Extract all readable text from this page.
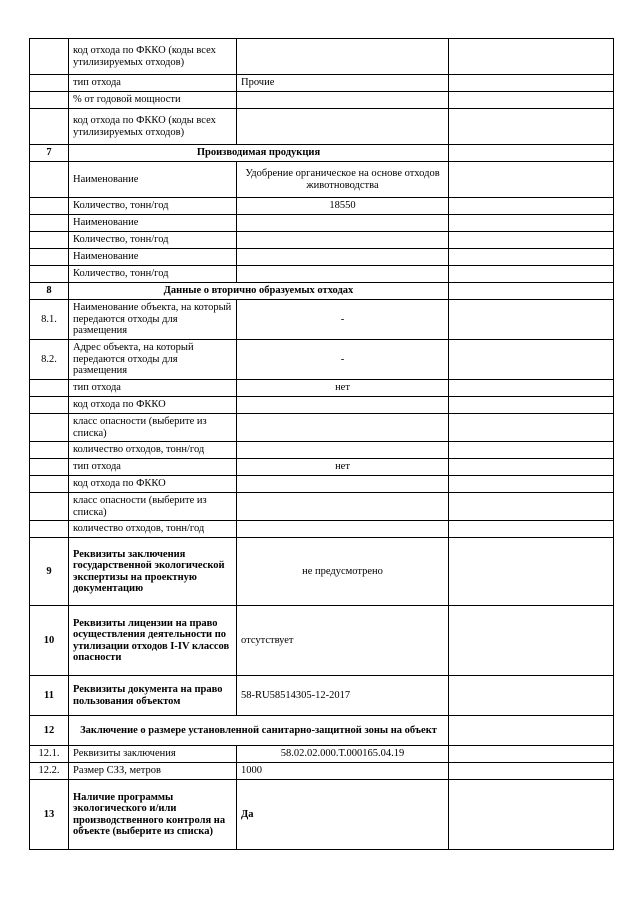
	код отхода по ФККО (коды всех утилизируемых отходов)		
	тип отхода	Прочие	
	% от годовой мощности		
	код отхода по ФККО (коды всех утилизируемых отходов)		
7	Производимая продукция		
	Наименование	Удобрение органическое на основе отходов животноводства	
	Количество, тонн/год	18550	
	Наименование		
	Количество, тонн/год		
	Наименование		
	Количество, тонн/год		
8	Данные о вторично образуемых отходах		
8.1.	Наименование объекта, на который передаются отходы для размещения	-	
8.2.	Адрес объекта, на который передаются отходы для размещения	-	
	тип отхода	нет	
	код отхода по ФККО		
	класс опасности (выберите из списка)		
	количество отходов, тонн/год		
	тип отхода	нет	
	код отхода по ФККО		
	класс опасности (выберите из списка)		
	количество отходов, тонн/год		
9	Реквизиты заключения государственной экологической экспертизы на проектную документацию	не предусмотрено	
10	Реквизиты лицензии на право осуществления деятельности по утилизации отходов I-IV классов опасности	отсутствует	
11	Реквизиты документа на право пользования объектом	58-RU58514305-12-2017	
12	Заключение о размере установленной санитарно-защитной зоны на объект		
12.1.	Реквизиты заключения	58.02.02.000.Т.000165.04.19	
12.2.	Размер СЗЗ, метров	1000	
13	Наличие программы экологического и/или производственного контроля на объекте (выберите из списка)	Да	
